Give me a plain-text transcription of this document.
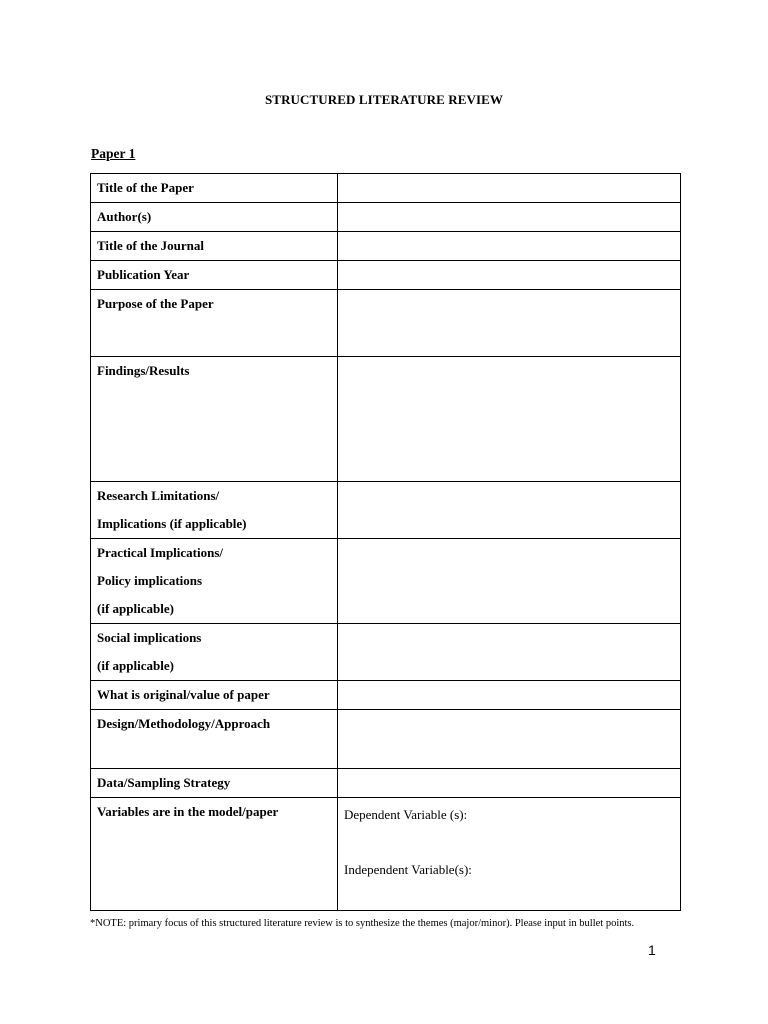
STRUCTURED LITERATURE REVIEW
Paper 1
Title of the Paper	
Author(s)	
Title of the Journal	
Publication Year	
Purpose of the Paper	
Findings/Results	

Research Limitations/
Implications (if applicable)	

Practical Implications/
Policy implications
(if applicable)	

Social implications
(if applicable)	

What is original/value of paper	
Design/Methodology/Approach	
Data/Sampling Strategy	
Variables are in the model/paper	Dependent Variable (s):
Independent Variable(s):
*NOTE: primary focus of this structured literature review is to synthesize the themes (major/minor). Please input in bullet points.
1
